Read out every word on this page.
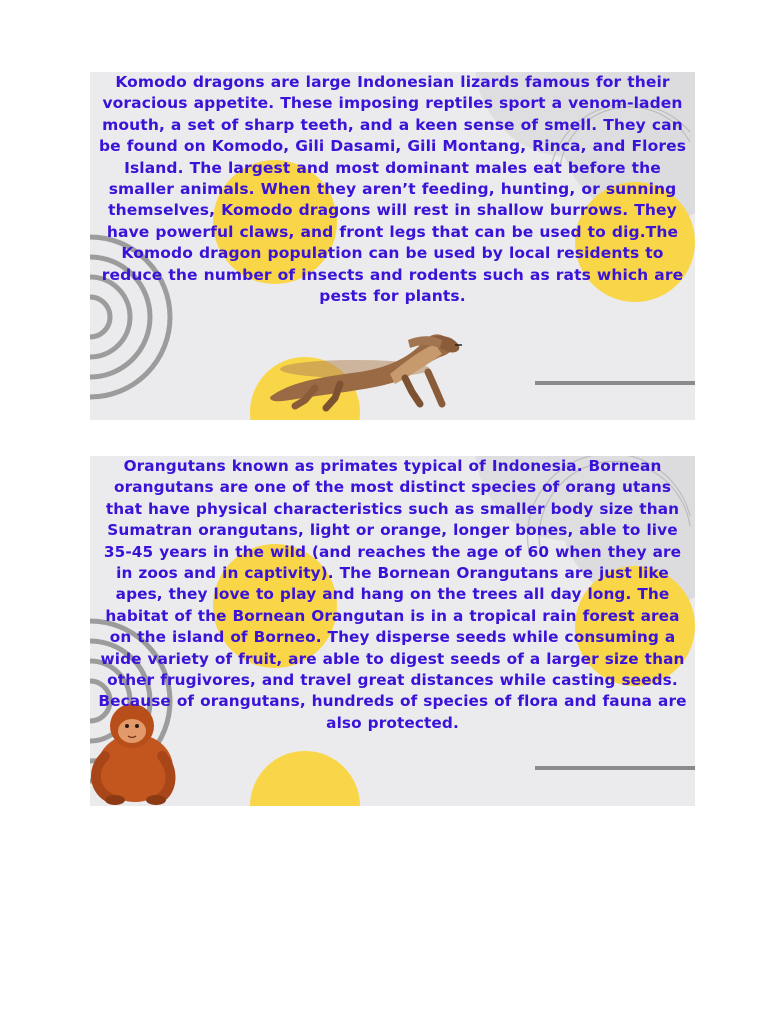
Komodo dragons are large Indonesian lizards famous for their voracious appetite. These imposing reptiles sport a venom-laden mouth, a set of sharp teeth, and a keen sense of smell. They can be found on Komodo, Gili Dasami, Gili Montang, Rinca, and Flores Island. The largest and most dominant males eat before the smaller animals. When they aren’t feeding, hunting, or sunning themselves, Komodo dragons will rest in shallow burrows. They have powerful claws, and front legs that can be used to dig.The Komodo dragon population can be used by local residents to reduce the number of insects and rodents such as rats which are pests for plants.

Orangutans known as primates typical of Indonesia. Bornean orangutans are one of the most distinct species of orang utans that have physical characteristics such as smaller body size than Sumatran orangutans, light or orange, longer bones, able to live 35-45 years in the wild (and reaches the age of 60 when they are in zoos and in captivity). The Bornean Orangutans are just like apes, they love to play and hang on the trees all day long. The habitat of the Bornean Orangutan is in a tropical rain forest area on the island of Borneo. They disperse seeds while consuming a wide variety of fruit, are able to digest seeds of a larger size than other frugivores, and travel great distances while casting seeds. Because of orangutans, hundreds of species of flora and fauna are also protected.
